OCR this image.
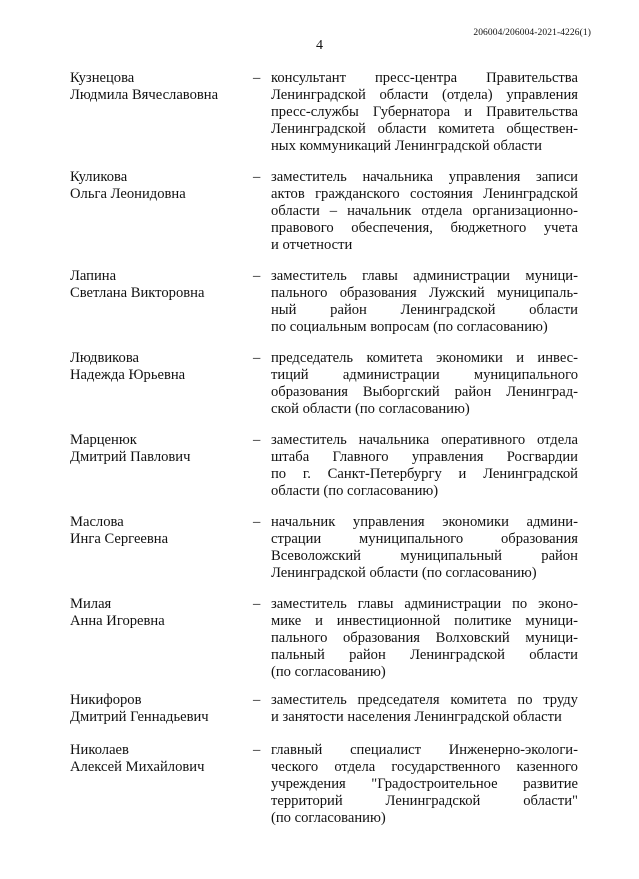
206004/206004-2021-4226(1)
4
Кузнецова
Людмила Вячеславовна
– консультант пресс-центра Правительства
Ленинградской области (отдела) управления
пресс-службы Губернатора и Правительства
Ленинградской области комитета обществен-
ных коммуникаций Ленинградской области
Куликова
Ольга Леонидовна
– заместитель начальника управления записи
актов гражданского состояния Ленинградской
области – начальник отдела организационно-
правового обеспечения, бюджетного учета
и отчетности
Лапина
Светлана Викторовна
– заместитель главы администрации муници-
пального образования Лужский муниципаль-
ный район Ленинградской области
по социальным вопросам (по согласованию)
Людвикова
Надежда Юрьевна
– председатель комитета экономики и инвес-
тиций администрации муниципального
образования Выборгский район Ленинград-
ской области (по согласованию)
Марценюк
Дмитрий Павлович
– заместитель начальника оперативного отдела
штаба Главного управления Росгвардии
по г. Санкт-Петербургу и Ленинградской
области (по согласованию)
Маслова
Инга Сергеевна
– начальник управления экономики админи-
страции	муниципального	образования
Всеволожский	муниципальный	район
Ленинградской области (по согласованию)
Милая
Анна Игоревна
– заместитель главы администрации по эконо-
мике и инвестиционной политике муници-
пального образования Волховский муници-
пальный район Ленинградской области
(по согласованию)
Никифоров
Дмитрий Геннадьевич
– заместитель председателя комитета по труду
и занятости населения Ленинградской области
Николаев
Алексей Михайлович
– главный специалист Инженерно-экологи-
ческого отдела государственного казенного
учреждения "Градостроительное развитие
территорий	Ленинградской	области"
(по согласованию)
